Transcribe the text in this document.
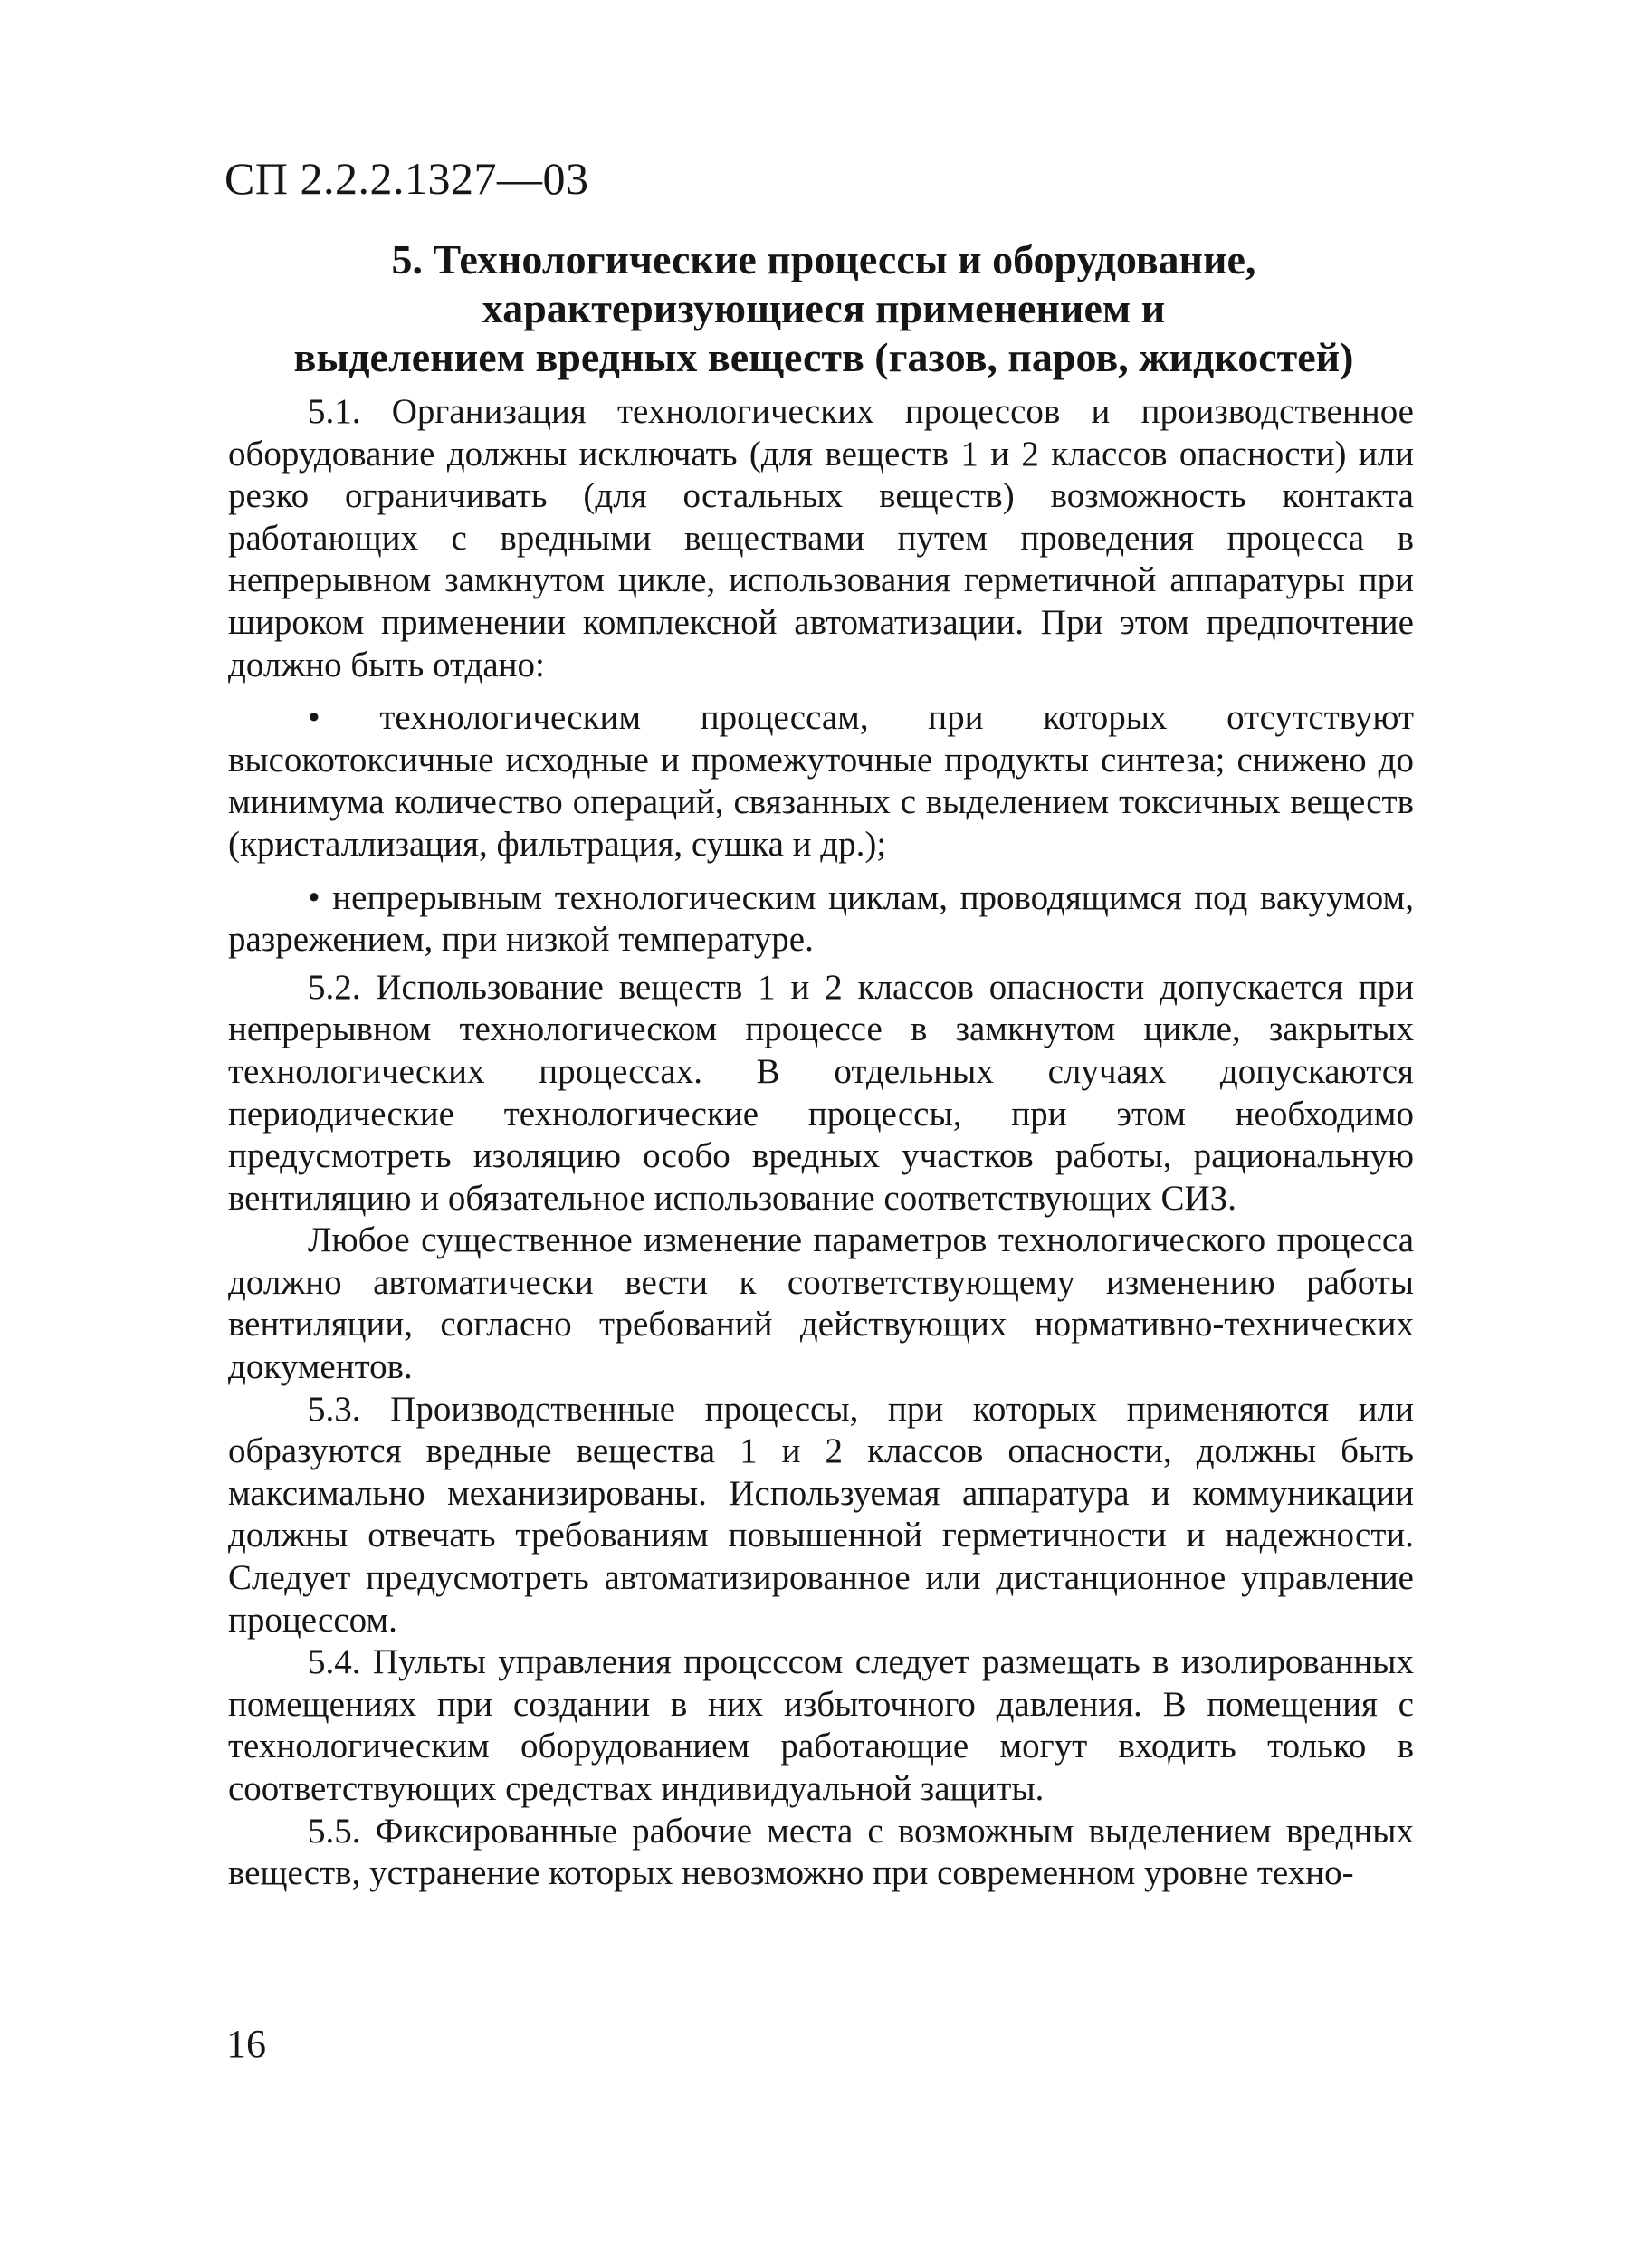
СП 2.2.2.1327—03
5. Технологические процессы и оборудование,
характеризующиеся применением и
выделением вредных веществ (газов, паров, жидкостей)

5.1. Организация технологических процессов и производственное оборудование должны исключать (для веществ 1 и 2 классов опасности) или резко ограничивать (для остальных веществ) возможность контакта работающих с вредными веществами путем проведения процесса в непрерывном замкнутом цикле, использования герметичной аппаратуры при широком применении комплексной автоматизации. При этом предпочтение должно быть отдано:

• технологическим процессам, при которых отсутствуют высокотоксичные исходные и промежуточные продукты синтеза; снижено до минимума количество операций, связанных с выделением токсичных веществ (кристаллизация, фильтрация, сушка и др.);

• непрерывным технологическим циклам, проводящимся под вакуумом, разрежением, при низкой температуре.

5.2. Использование веществ 1 и 2 классов опасности допускается при непрерывном технологическом процессе в замкнутом цикле, закрытых технологических процессах. В отдельных случаях допускаются периодические технологические процессы, при этом необходимо предусмотреть изоляцию особо вредных участков работы, рациональную вентиляцию и обязательное использование соответствующих СИЗ.

Любое существенное изменение параметров технологического процесса должно автоматически вести к соответствующему изменению работы вентиляции, согласно требований действующих нормативно-технических документов.

5.3. Производственные процессы, при которых применяются или образуются вредные вещества 1 и 2 классов опасности, должны быть максимально механизированы. Используемая аппаратура и коммуникации должны отвечать требованиям повышенной герметичности и надежности. Следует предусмотреть автоматизированное или дистанционное управление процессом.

5.4. Пульты управления процсссом следует размещать в изолированных помещениях при создании в них избыточного давления. В помещения с технологическим оборудованием работающие могут входить только в соответствующих средствах индивидуальной защиты.

5.5. Фиксированные рабочие места с возможным выделением вредных веществ, устранение которых невозможно при современном уровне техно-

16
